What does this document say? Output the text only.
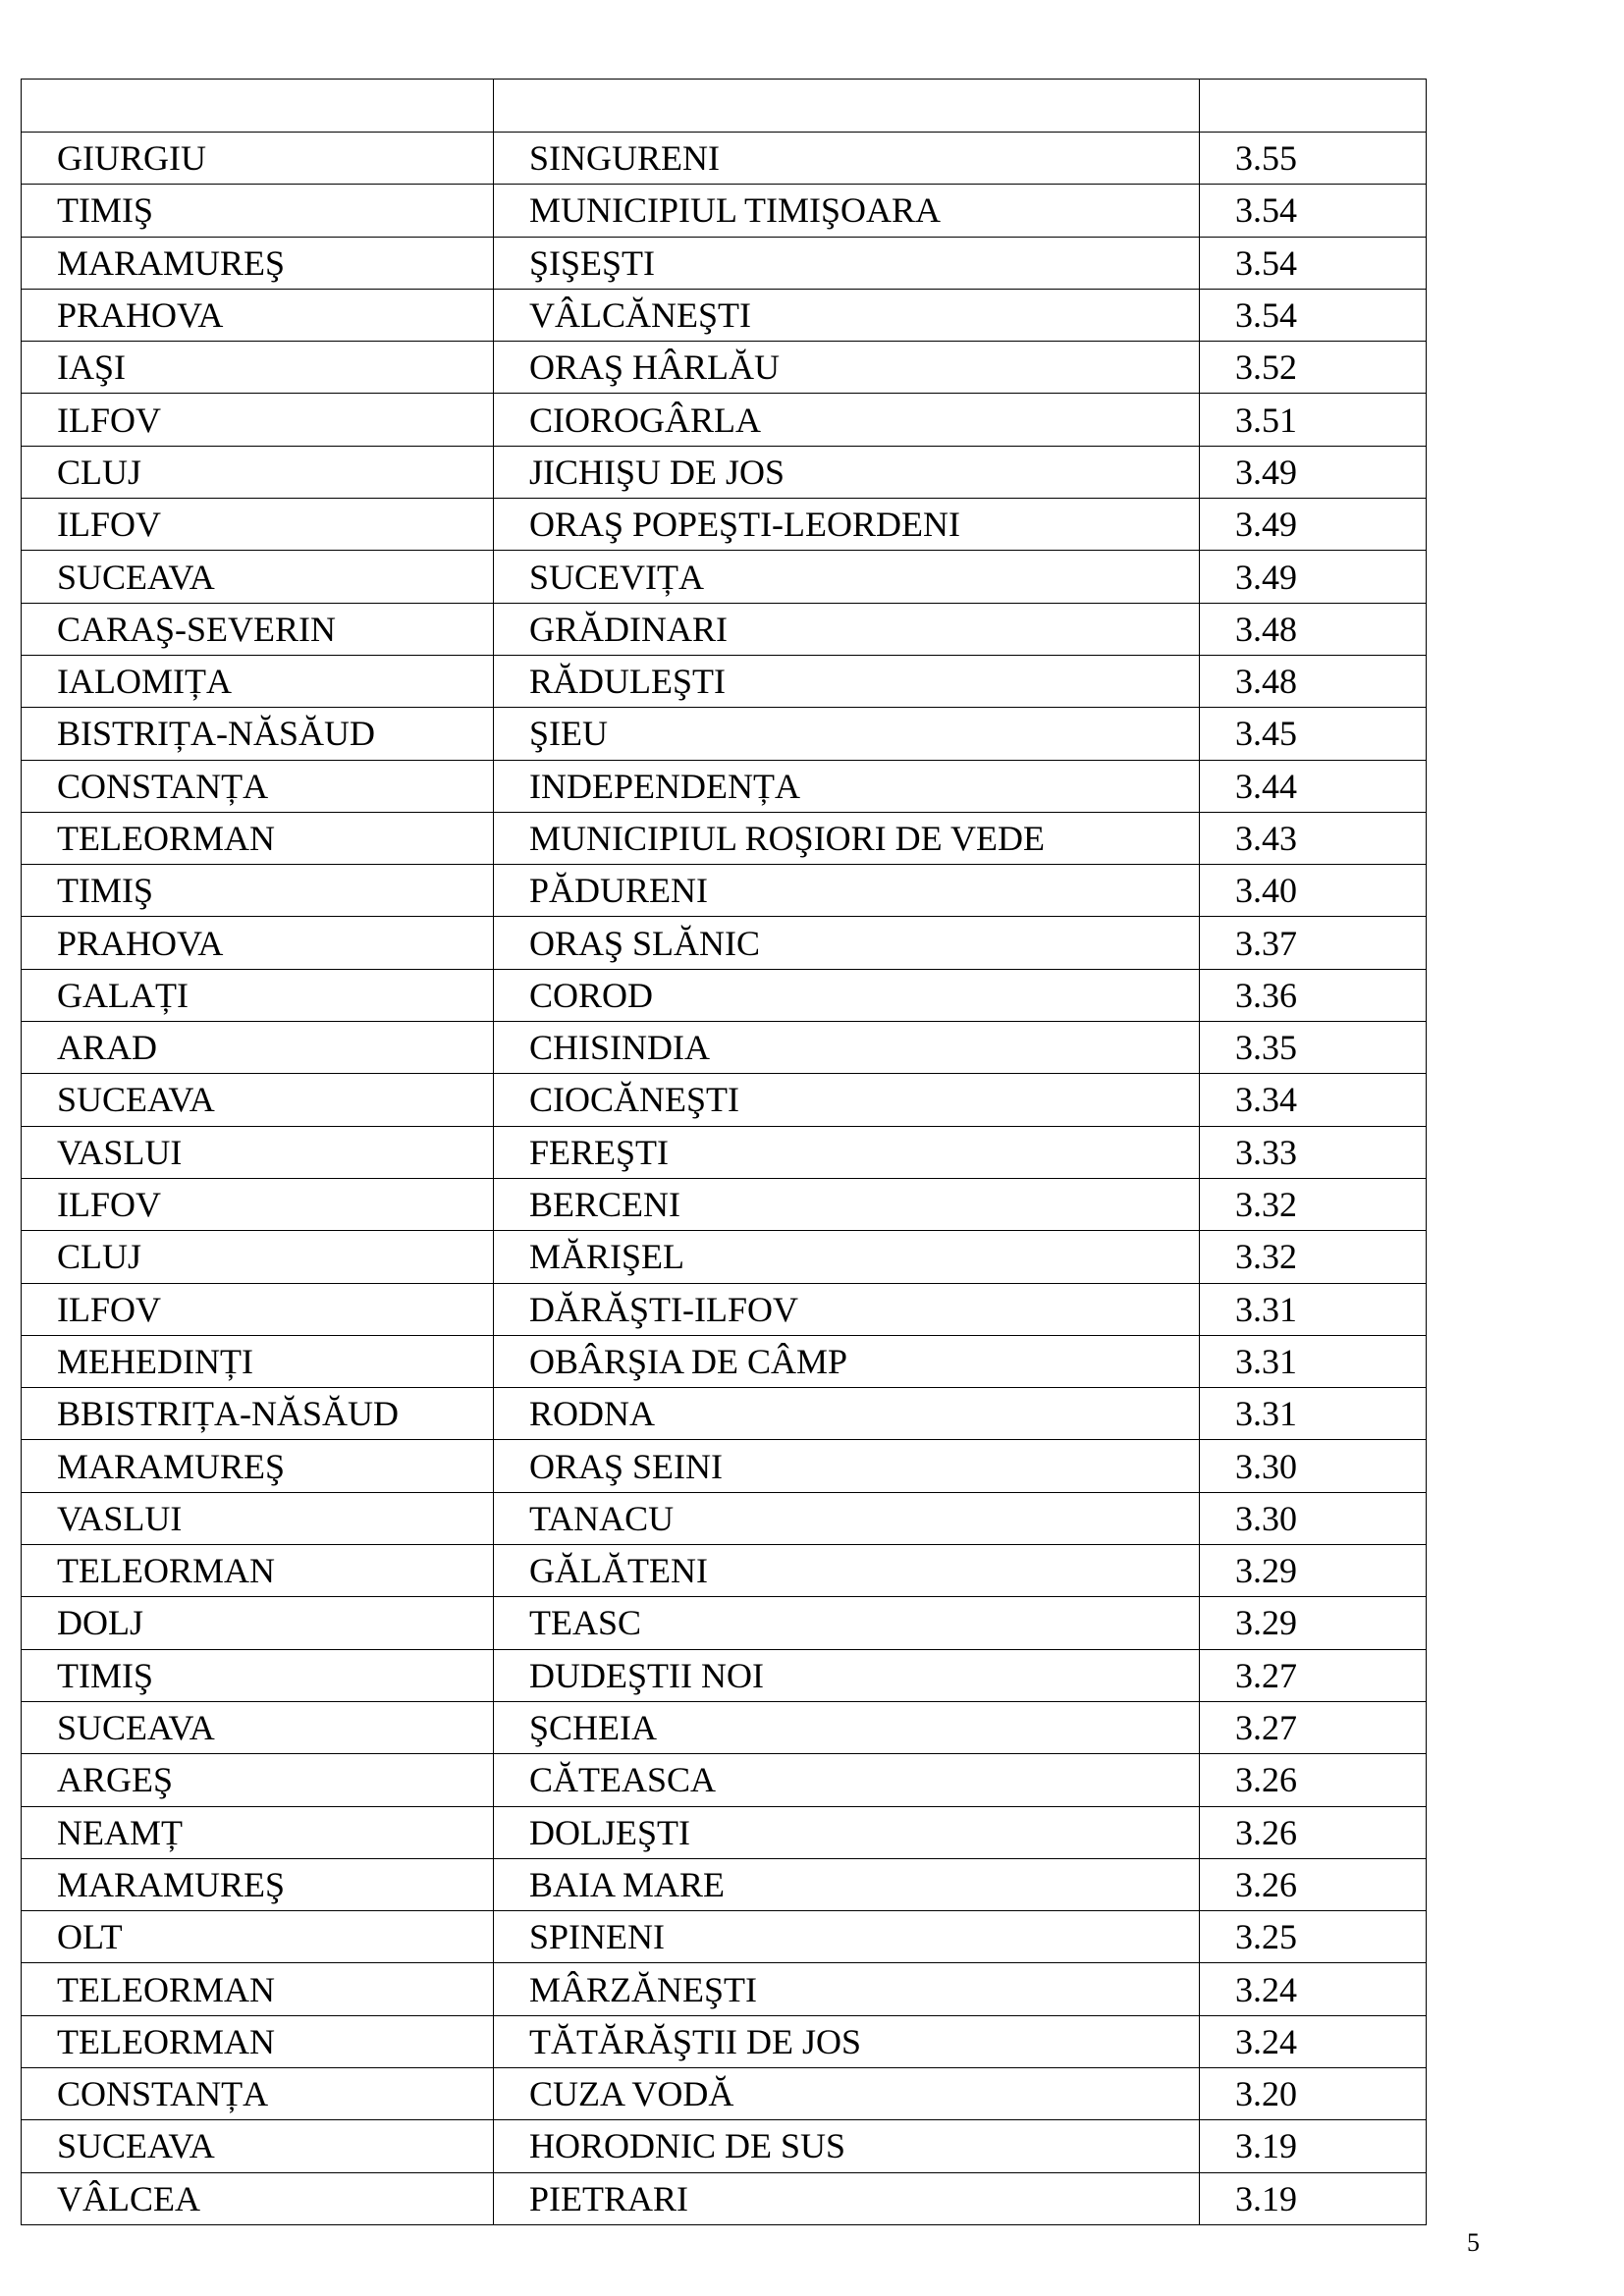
GIURGIU	SINGURENI	3.55
TIMIŞ	MUNICIPIUL TIMIŞOARA	3.54
MARAMUREŞ	ŞIŞEŞTI	3.54
PRAHOVA	VÂLCĂNEŞTI	3.54
IAŞI	ORAŞ HÂRLĂU	3.52
ILFOV	CIOROGÂRLA	3.51
CLUJ	JICHIŞU DE JOS	3.49
ILFOV	ORAŞ POPEŞTI-LEORDENI	3.49
SUCEAVA	SUCEVIȚA	3.49
CARAŞ-SEVERIN	GRĂDINARI	3.48
IALOMIȚA	RĂDULEŞTI	3.48
BISTRIȚA-NĂSĂUD	ŞIEU	3.45
CONSTANȚA	INDEPENDENȚA	3.44
TELEORMAN	MUNICIPIUL ROŞIORI DE VEDE	3.43
TIMIŞ	PĂDURENI	3.40
PRAHOVA	ORAŞ SLĂNIC	3.37
GALAȚI	COROD	3.36
ARAD	CHISINDIA	3.35
SUCEAVA	CIOCĂNEŞTI	3.34
VASLUI	FEREŞTI	3.33
ILFOV	BERCENI	3.32
CLUJ	MĂRIŞEL	3.32
ILFOV	DĂRĂŞTI-ILFOV	3.31
MEHEDINȚI	OBÂRŞIA DE CÂMP	3.31
BBISTRIȚA-NĂSĂUD	RODNA	3.31
MARAMUREŞ	ORAŞ SEINI	3.30
VASLUI	TANACU	3.30
TELEORMAN	GĂLĂTENI	3.29
DOLJ	TEASC	3.29
TIMIŞ	DUDEŞTII NOI	3.27
SUCEAVA	ŞCHEIA	3.27
ARGEŞ	CĂTEASCA	3.26
NEAMȚ	DOLJEŞTI	3.26
MARAMUREŞ	BAIA MARE	3.26
OLT	SPINENI	3.25
TELEORMAN	MÂRZĂNEŞTI	3.24
TELEORMAN	TĂTĂRĂŞTII DE JOS	3.24
CONSTANȚA	CUZA VODĂ	3.20
SUCEAVA	HORODNIC DE SUS	3.19
VÂLCEA	PIETRARI	3.19
5
